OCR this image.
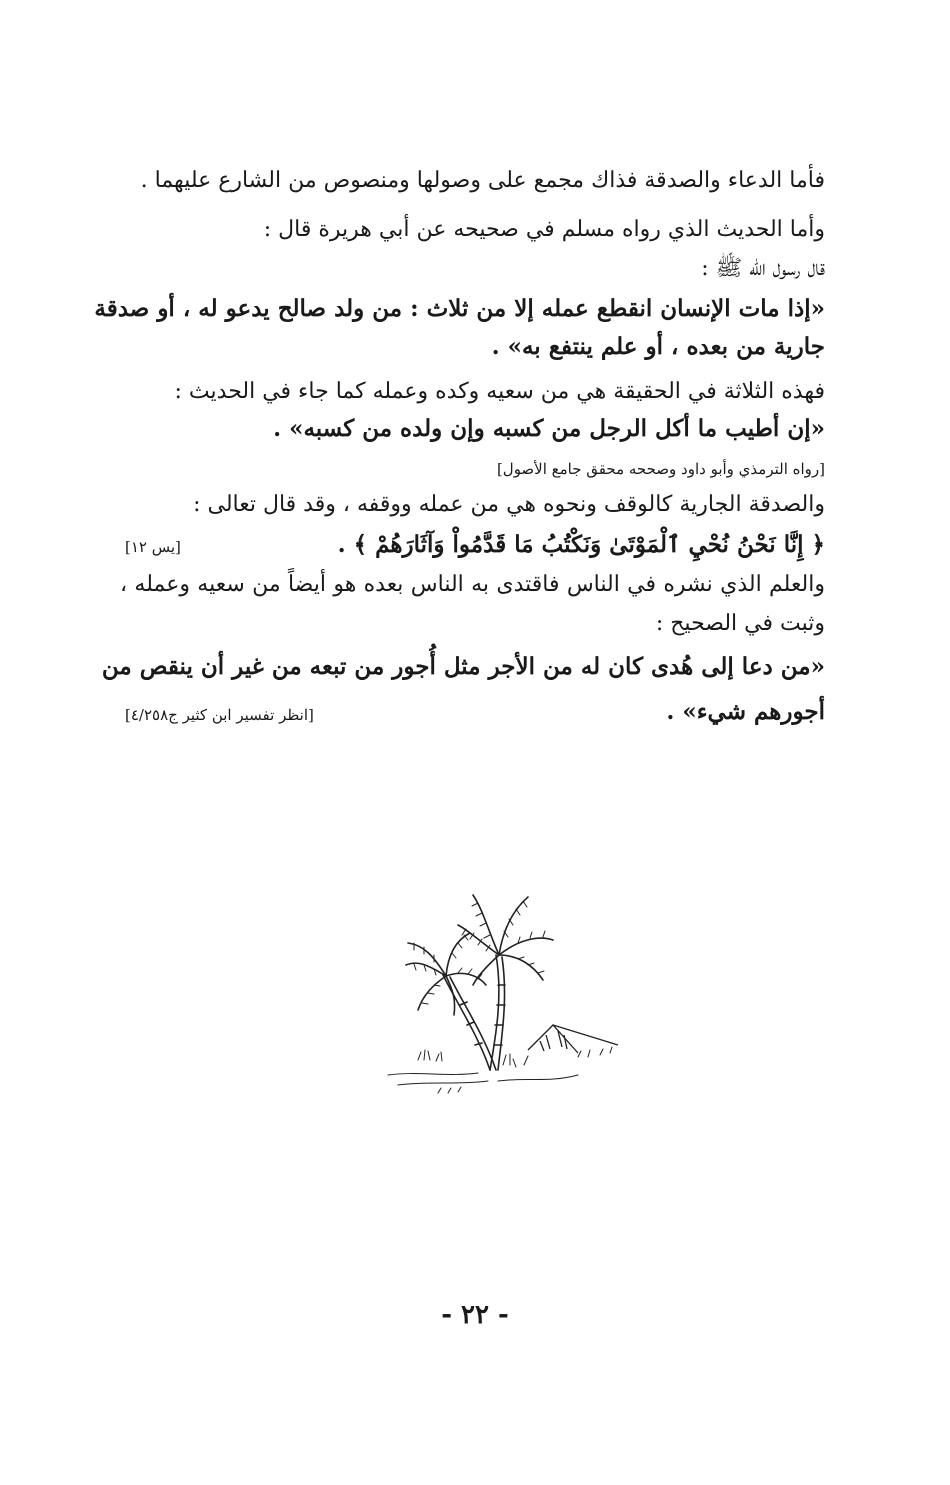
فأما الدعاء والصدقة فذاك مجمع على وصولها ومنصوص من الشارع عليهما .
وأما الحديث الذي رواه مسلم في صحيحه عن أبي هريرة قال :
قال رسول الله ﷺ :
«إذا مات الإنسان انقطع عمله إلا من ثلاث : من ولد صالح يدعو له ، أو صدقة
جارية من بعده ، أو علم ينتفع به» .
فهذه الثلاثة في الحقيقة هي من سعيه وكده وعمله كما جاء في الحديث :
«إن أطيب ما أكل الرجل من كسبه وإن ولده من كسبه» .
[رواه الترمذي وأبو داود وصححه محقق جامع الأصول]
والصدقة الجارية كالوقف ونحوه هي من عمله ووقفه ، وقد قال تعالى :
﴿ إِنَّا نَحْنُ نُحْيِ ٱلْمَوْتَىٰ وَنَكْتُبُ مَا قَدَّمُواْ وَآثَارَهُمْ ﴾ .
[يس ١٢]
والعلم الذي نشره في الناس فاقتدى به الناس بعده هو أيضاً من سعيه وعمله ،
وثبت في الصحيح :
«من دعا إلى هُدى كان له من الأجر مثل أُجور من تبعه من غير أن ينقص من
أجورهم شيء» .
[انظر تفسير ابن كثير ج٤/٢٥٨]
- ٢٢ -
